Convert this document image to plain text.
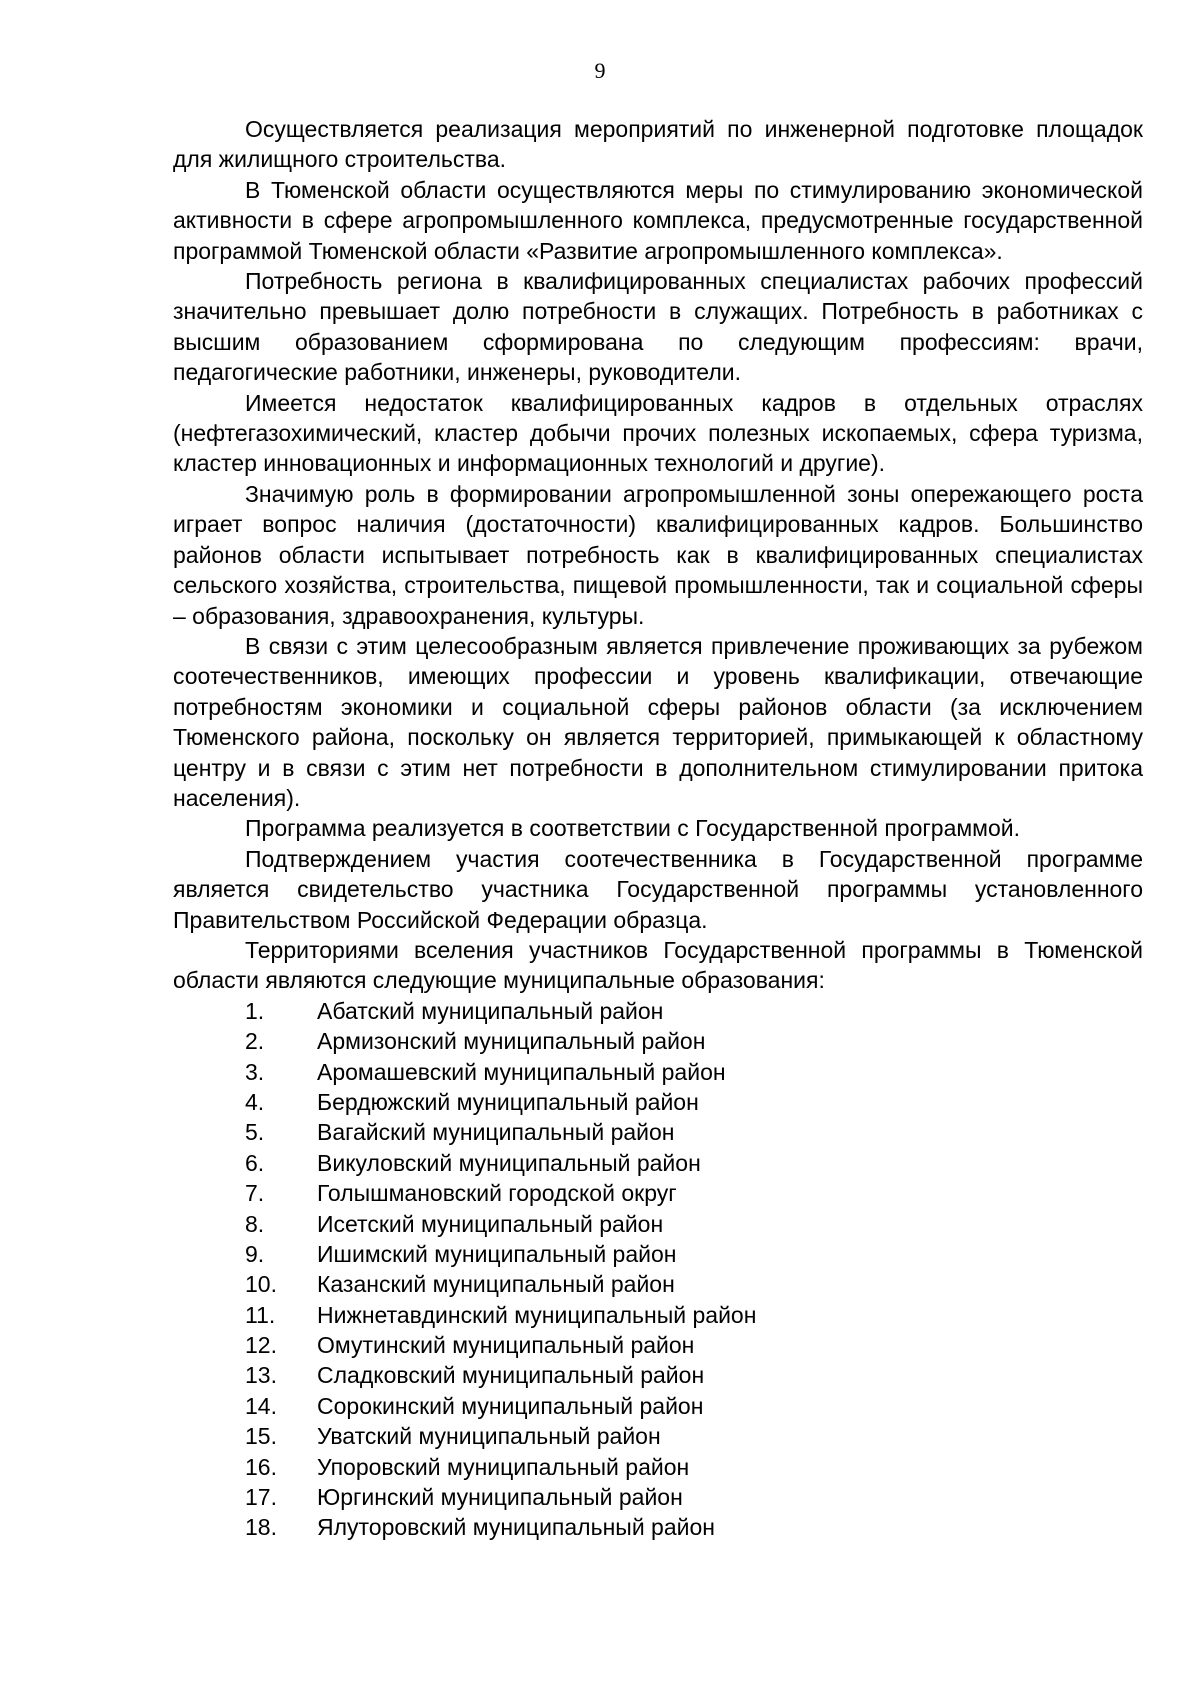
9

Осуществляется реализация мероприятий по инженерной подготовке площадок для жилищного строительства.

В Тюменской области осуществляются меры по стимулированию экономической активности в сфере агропромышленного комплекса, предусмотренные государственной программой Тюменской области «Развитие агропромышленного комплекса».

Потребность региона в квалифицированных специалистах рабочих профессий значительно превышает долю потребности в служащих. Потребность в работниках с высшим образованием сформирована по следующим профессиям: врачи, педагогические работники, инженеры, руководители.

Имеется недостаток квалифицированных кадров в отдельных отраслях (нефтегазохимический, кластер добычи прочих полезных ископаемых, сфера туризма, кластер инновационных и информационных технологий и другие).

Значимую роль в формировании агропромышленной зоны опережающего роста играет вопрос наличия (достаточности) квалифицированных кадров. Большинство районов области испытывает потребность как в квалифицированных специалистах сельского хозяйства, строительства, пищевой промышленности, так и социальной сферы – образования, здравоохранения, культуры.

В связи с этим целесообразным является привлечение проживающих за рубежом соотечественников, имеющих профессии и уровень квалификации, отвечающие потребностям экономики и социальной сферы районов области (за исключением Тюменского района, поскольку он является территорией, примыкающей к областному центру и в связи с этим нет потребности в дополнительном стимулировании притока населения).

Программа реализуется в соответствии с Государственной программой.

Подтверждением участия соотечественника в Государственной программе является свидетельство участника Государственной программы установленного Правительством Российской Федерации образца.

Территориями вселения участников Государственной программы в Тюменской области являются следующие муниципальные образования:

1.	Абатский муниципальный район
2.	Армизонский муниципальный район
3.	Аромашевский муниципальный район
4.	Бердюжский муниципальный район
5.	Вагайский муниципальный район
6.	Викуловский муниципальный район
7.	Голышмановский городской округ
8.	Исетский муниципальный район
9.	Ишимский муниципальный район
10.	Казанский муниципальный район
11.	Нижнетавдинский муниципальный район
12.	Омутинский муниципальный район
13.	Сладковский муниципальный район
14.	Сорокинский муниципальный район
15.	Уватский муниципальный район
16.	Упоровский муниципальный район
17.	Юргинский муниципальный район
18.	Ялуторовский муниципальный район
